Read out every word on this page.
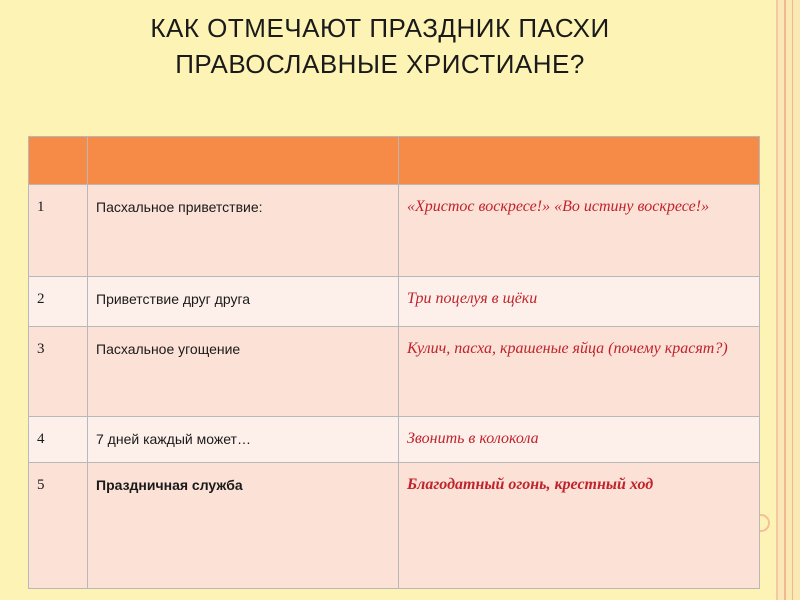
КАК ОТМЕЧАЮТ ПРАЗДНИК ПАСХИ
ПРАВОСЛАВНЫЕ ХРИСТИАНЕ?

1	Пасхальное приветствие:	«Христос воскресе!» «Во истину воскресе!»
2	Приветствие друг друга	Три поцелуя в щёки
3	Пасхальное угощение	Кулич, пасха, крашеные яйца (почему красят?)
4	7 дней каждый может…	Звонить в колокола
5	Праздничная служба	Благодатный огонь, крестный ход
